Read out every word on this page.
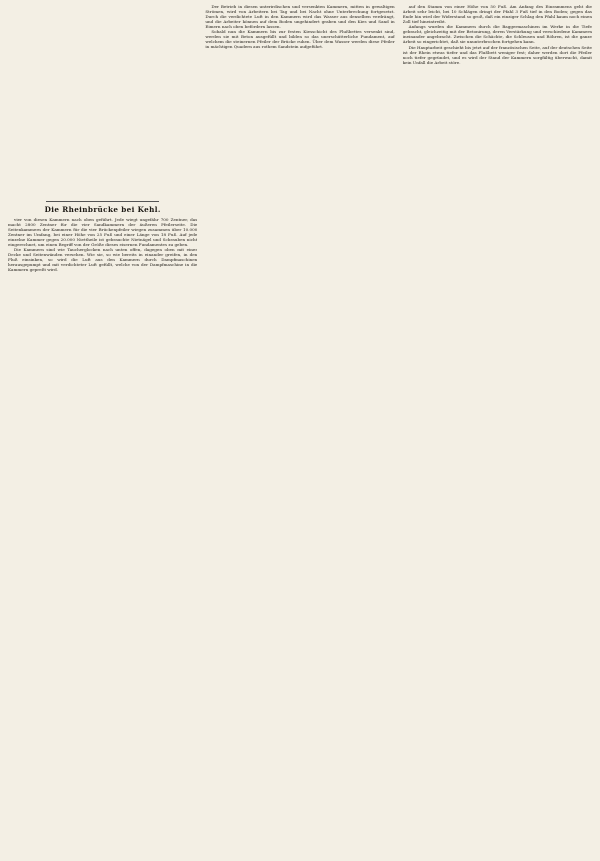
Die Rheinbrücke bei Kehl.

vier von diesen Kammern nach oben geführt. Jede wiegt ungefähr 700 Zentner, das macht 2800 Zentner für die vier Sandkammern der äußeren Pfeilerseite. Die Seitenkammern der Kammern für die vier Brückenpfeiler wiegen zusammen über 10.000 Zentner im Umfang, bei einer Höhe von 25 Fuß und einer Länge von 18 Fuß. Auf jede einzelne Kammer gegen 20.000 Niettheile ist gebrauchte Nietnägel und Schrauben nicht eingerechnet, um einen Begriff von der Größe dieses eisernen Fundamentes zu geben.

Die Kammern sind wie Taucherglocken nach unten offen, dagegen oben mit einer Decke und Seitenwänden versehen. Wie sie, so wie bereits in einander greifen, in den Fluß einsinken, so wird die Luft aus den Kammern durch Dampfmaschinen herausgepumpt und mit verdichteter Luft gefüllt, welche von der Dampfmaschine in die Kammern gepreßt wird.

Der Betrieb in diesen unterirdischen und versenkten Kammern, mitten in gewaltigen Strömen, wird von Arbeitern bei Tag und bei Nacht ohne Unterbrechung fortgesetzt. Durch die verdichtete Luft in den Kammern wird das Wasser aus denselben verdrängt, und die Arbeiter können auf dem Boden ungehindert graben und den Kies und Sand in Eimern nach oben befördern lassen.

Sobald nun die Kammern bis zur festen Kiesschicht des Flußbettes versenkt sind, werden sie mit Beton ausgefüllt und bilden so das unerschütterliche Fundament, auf welchem die steinernen Pfeiler der Brücke ruhen. Über dem Wasser werden diese Pfeiler in mächtigen Quadern aus rothem Sandstein aufgeführt.

auf den Stamm von einer Höhe von 50 Fuß. Am Anfang des Einrammens geht die Arbeit sehr leicht, bei 10 Schlägen dringt der Pfahl 3 Fuß tief in den Boden; gegen das Ende hin wird der Widerstand so groß, daß ein einziger Schlag den Pfahl kaum noch einen Zoll tief hineintreibt.

Anfangs wurden die Kammern durch die Baggermaschinen im Werke in die Tiefe gebracht, gleichzeitig mit der Betonirung, deren Verstärkung und verschiedene Kammern ineinander angebracht. Zwischen die Schächte, die Schleusen und Röhren, ist die ganze Arbeit so eingerichtet, daß sie ununterbrochen fortgehen kann.

Die Hauptarbeit geschieht bis jetzt auf der französischen Seite, auf der deutschen Seite ist der Rhein etwas tiefer und das Flußbett weniger fest; daher werden dort die Pfeiler noch tiefer gegründet, und es wird der Stand der Kammern sorgfältig überwacht, damit kein Unfall die Arbeit störe.
